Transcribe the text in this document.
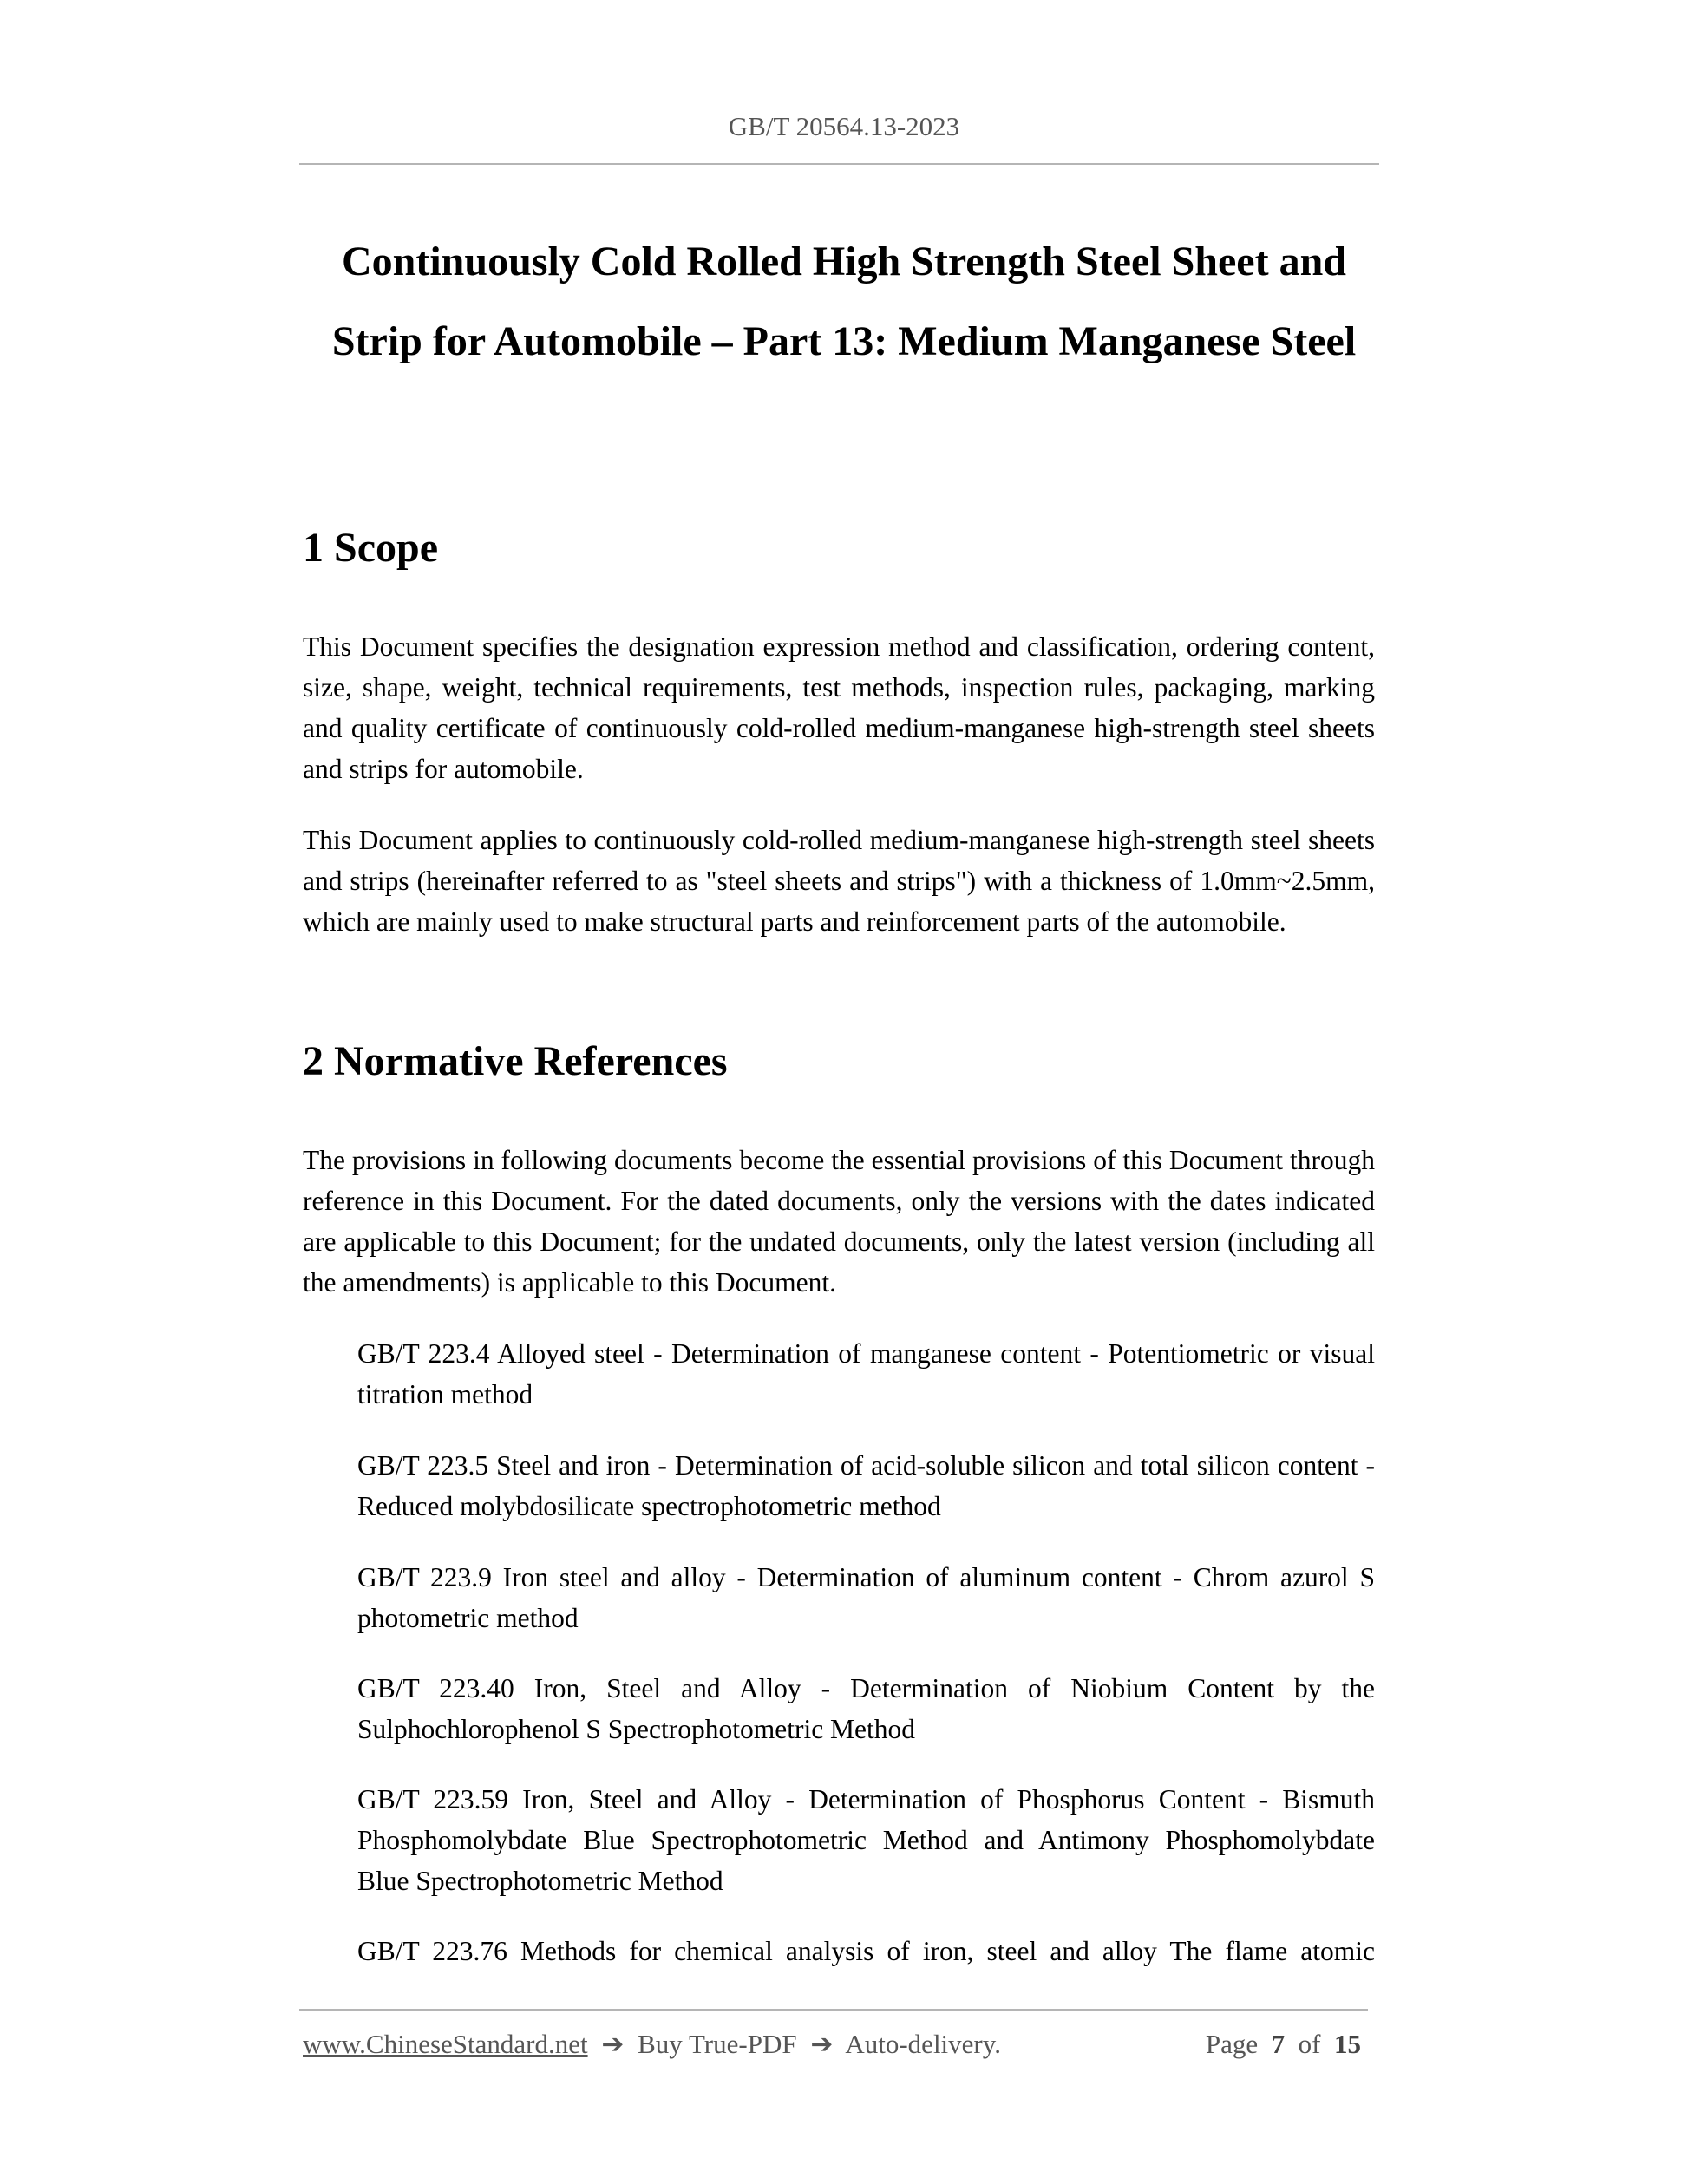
GB/T 20564.13-2023
Continuously Cold Rolled High Strength Steel Sheet and
Strip for Automobile – Part 13: Medium Manganese Steel
1 Scope

This Document specifies the designation expression method and classification, ordering content, size, shape, weight, technical requirements, test methods, inspection rules, packaging, marking and quality certificate of continuously cold-rolled medium-manganese high-strength steel sheets and strips for automobile.

This Document applies to continuously cold-rolled medium-manganese high-strength steel sheets and strips (hereinafter referred to as "steel sheets and strips") with a thickness of 1.0mm~2.5mm, which are mainly used to make structural parts and reinforcement parts of the automobile.

2 Normative References

The provisions in following documents become the essential provisions of this Document through reference in this Document. For the dated documents, only the versions with the dates indicated are applicable to this Document; for the undated documents, only the latest version (including all the amendments) is applicable to this Document.

GB/T 223.4 Alloyed steel - Determination of manganese content - Potentiometric or visual titration method

GB/T 223.5 Steel and iron - Determination of acid-soluble silicon and total silicon content - Reduced molybdosilicate spectrophotometric method

GB/T 223.9 Iron steel and alloy - Determination of aluminum content - Chrom azurol S photometric method

GB/T 223.40 Iron, Steel and Alloy - Determination of Niobium Content by the Sulphochlorophenol S Spectrophotometric Method

GB/T 223.59 Iron, Steel and Alloy - Determination of Phosphorus Content - Bismuth Phosphomolybdate Blue Spectrophotometric Method and Antimony Phosphomolybdate Blue Spectrophotometric Method

GB/T 223.76 Methods for chemical analysis of iron, steel and alloy The flame atomic

www.ChineseStandard.net ➔ Buy True-PDF ➔ Auto-delivery.	Page 7 of 15
